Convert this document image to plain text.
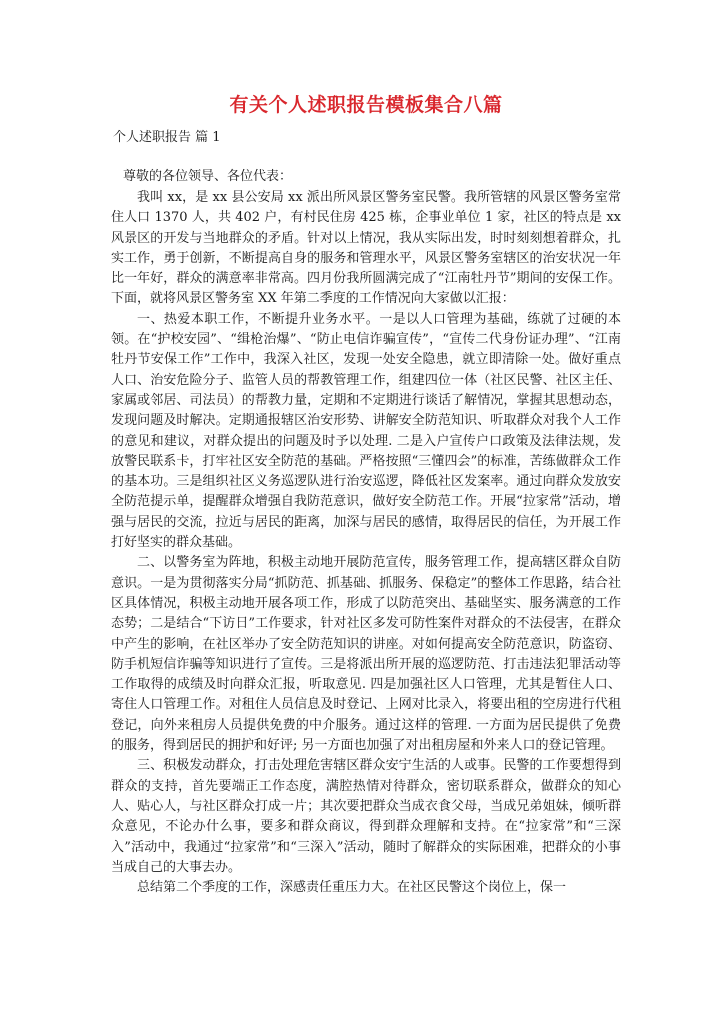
有关个人述职报告模板集合八篇

个人述职报告 篇 1

尊敬的各位领导、各位代表：

我叫 xx，是 xx 县公安局 xx 派出所风景区警务室民警。我所管辖的风景区警务室常住人口 1370 人，共 402 户，有村民住房 425 栋，企事业单位 1 家，社区的特点是 xx 风景区的开发与当地群众的矛盾。针对以上情况，我从实际出发，时时刻刻想着群众，扎实工作，勇于创新，不断提高自身的服务和管理水平，风景区警务室辖区的治安状况一年比一年好，群众的满意率非常高。四月份我所圆满完成了“江南牡丹节”期间的安保工作。下面，就将风景区警务室 XX 年第二季度的工作情况向大家做以汇报：

一、热爱本职工作，不断提升业务水平。一是以人口管理为基础，练就了过硬的本领。在“护校安园”、“缉枪治爆”、“防止电信诈骗宣传”，“宣传二代身份证办理”、“江南牡丹节安保工作”工作中，我深入社区，发现一处安全隐患，就立即清除一处。做好重点人口、治安危险分子、监管人员的帮教管理工作，组建四位一体（社区民警、社区主任、家属或邻居、司法员）的帮教力量，定期和不定期进行谈话了解情况，掌握其思想动态，发现问题及时解决。定期通报辖区治安形势、讲解安全防范知识、听取群众对我个人工作的意见和建议，对群众提出的问题及时予以处理. 二是入户宣传户口政策及法律法规，发放警民联系卡，打牢社区安全防范的基础。严格按照“三懂四会”的标准，苦练做群众工作的基本功。三是组织社区义务巡逻队进行治安巡逻，降低社区发案率。通过向群众发放安全防范提示单，提醒群众增强自我防范意识，做好安全防范工作。开展“拉家常”活动，增强与居民的交流，拉近与居民的距离，加深与居民的感情，取得居民的信任，为开展工作打好坚实的群众基础。

二、以警务室为阵地，积极主动地开展防范宣传，服务管理工作，提高辖区群众自防意识。一是为贯彻落实分局“抓防范、抓基础、抓服务、保稳定”的整体工作思路，结合社区具体情况，积极主动地开展各项工作，形成了以防范突出、基础坚实、服务满意的工作态势；二是结合“下访日”工作要求，针对社区多发可防性案件对群众的不法侵害，在群众中产生的影响，在社区举办了安全防范知识的讲座。对如何提高安全防范意识，防盗窃、防手机短信诈骗等知识进行了宣传。三是将派出所开展的巡逻防范、打击违法犯罪活动等工作取得的成绩及时向群众汇报，听取意见. 四是加强社区人口管理，尤其是暂住人口、寄住人口管理工作。对租住人员信息及时登记、上网对比录入，将要出租的空房进行代租登记，向外来租房人员提供免费的中介服务。通过这样的管理. 一方面为居民提供了免费的服务，得到居民的拥护和好评; 另一方面也加强了对出租房屋和外来人口的登记管理。

三、积极发动群众，打击处理危害辖区群众安宁生活的人或事。民警的工作要想得到群众的支持，首先要端正工作态度，满腔热情对待群众，密切联系群众，做群众的知心人、贴心人，与社区群众打成一片；其次要把群众当成衣食父母，当成兄弟姐妹，倾听群众意见，不论办什么事，要多和群众商议，得到群众理解和支持。在“拉家常”和“三深入”活动中，我通过“拉家常”和“三深入”活动，随时了解群众的实际困难，把群众的小事当成自己的大事去办。

总结第二个季度的工作，深感责任重压力大。在社区民警这个岗位上，保一
